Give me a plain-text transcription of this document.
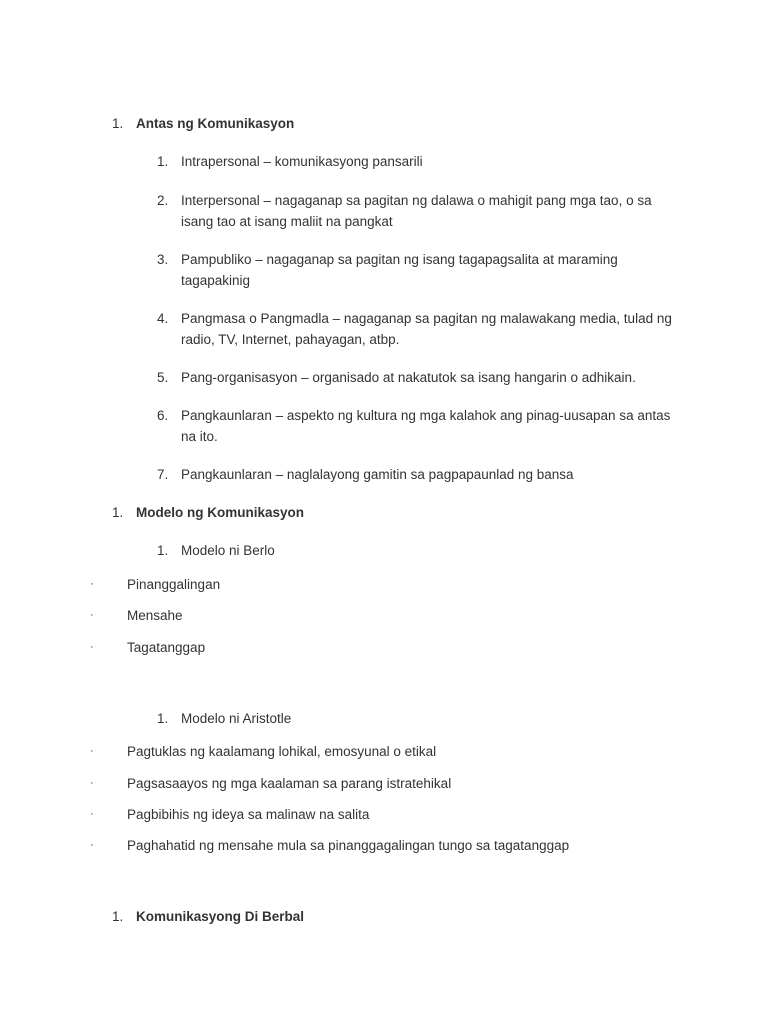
1. Antas ng Komunikasyon
1. Intrapersonal – komunikasyong pansarili
2. Interpersonal – nagaganap sa pagitan ng dalawa o mahigit pang mga tao, o sa isang tao at isang maliit na pangkat
3. Pampubliko – nagaganap sa pagitan ng isang tagapagsalita at maraming tagapakinig
4. Pangmasa o Pangmadla – nagaganap sa pagitan ng malawakang media, tulad ng radio, TV, Internet, pahayagan, atbp.
5. Pang-organisasyon – organisado at nakatutok sa isang hangarin o adhikain.
6. Pangkaunlaran – aspekto ng kultura ng mga kalahok ang pinag-uusapan sa antas na ito.
7. Pangkaunlaran – naglalayong gamitin sa pagpapaunlad ng bansa
1. Modelo ng Komunikasyon
1. Modelo ni Berlo
· Pinanggalingan
· Mensahe
· Tagatanggap
1. Modelo ni Aristotle
· Pagtuklas ng kaalamang lohikal, emosyunal o etikal
· Pagsasaayos ng mga kaalaman sa parang istratehikal
· Pagbibihis ng ideya sa malinaw na salita
· Paghahatid ng mensahe mula sa pinanggagalingan tungo sa tagatanggap
1. Komunikasyong Di Berbal
